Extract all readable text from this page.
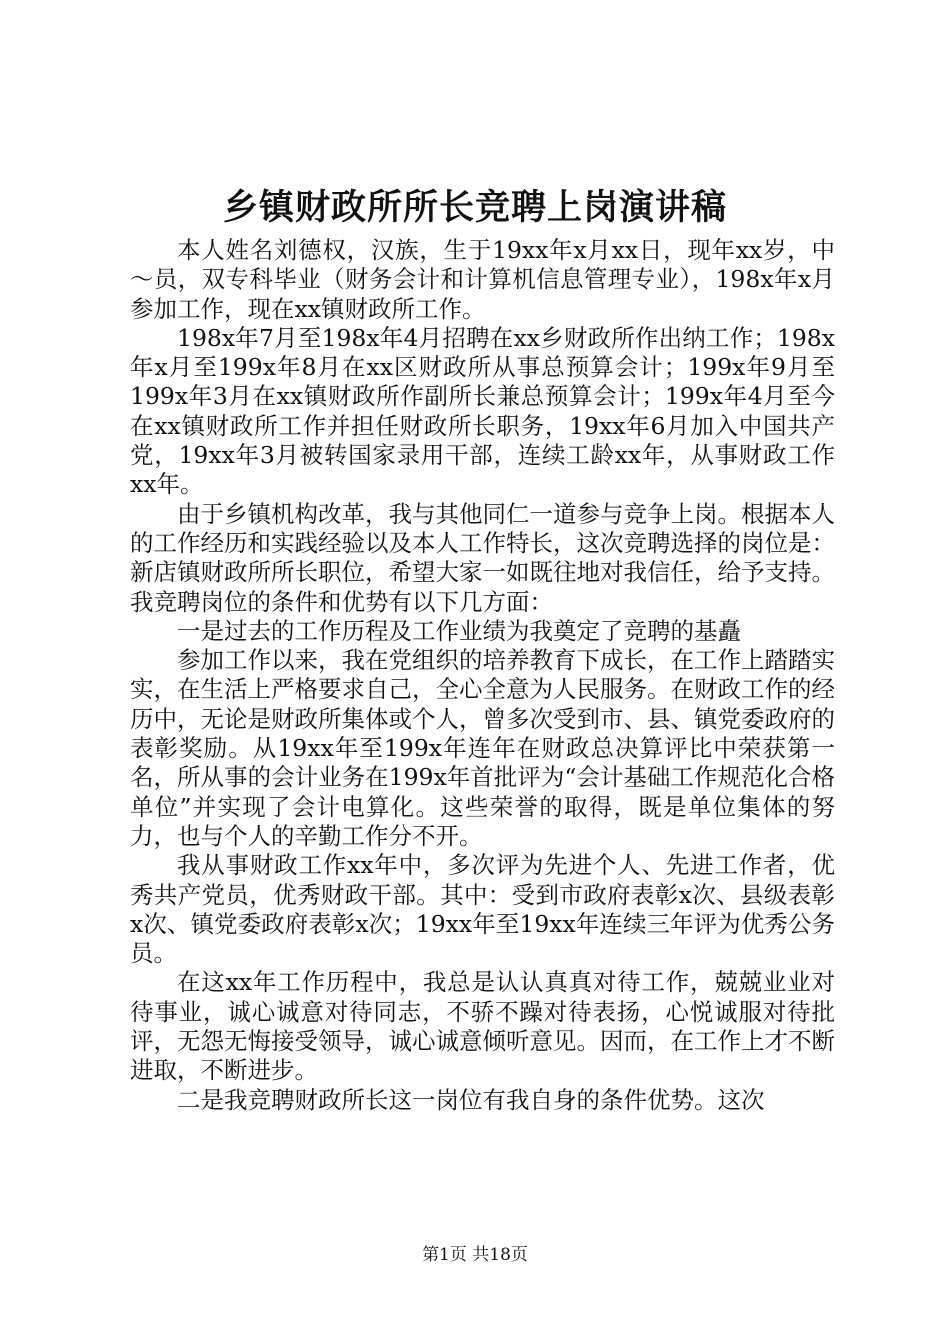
乡镇财政所所长竞聘上岗演讲稿

本人姓名刘德权，汉族，生于19xx年x月xx日，现年xx岁，中～员，双专科毕业（财务会计和计算机信息管理专业），198x年x月参加工作，现在xx镇财政所工作。

198x年7月至198x年4月招聘在xx乡财政所作出纳工作；198x年x月至199x年8月在xx区财政所从事总预算会计；199x年9月至199x年3月在xx镇财政所作副所长兼总预算会计；199x年4月至今在xx镇财政所工作并担任财政所长职务，19xx年6月加入中国共产党，19xx年3月被转国家录用干部，连续工龄xx年，从事财政工作xx年。

由于乡镇机构改革，我与其他同仁一道参与竞争上岗。根据本人的工作经历和实践经验以及本人工作特长，这次竞聘选择的岗位是：新店镇财政所所长职位，希望大家一如既往地对我信任，给予支持。我竞聘岗位的条件和优势有以下几方面：

一是过去的工作历程及工作业绩为我奠定了竞聘的基矗

参加工作以来，我在党组织的培养教育下成长，在工作上踏踏实实，在生活上严格要求自己，全心全意为人民服务。在财政工作的经历中，无论是财政所集体或个人，曾多次受到市、县、镇党委政府的表彰奖励。从19xx年至199x年连年在财政总决算评比中荣获第一名，所从事的会计业务在199x年首批评为“会计基础工作规范化合格单位”并实现了会计电算化。这些荣誉的取得，既是单位集体的努力，也与个人的辛勤工作分不开。

我从事财政工作xx年中，多次评为先进个人、先进工作者，优秀共产党员，优秀财政干部。其中：受到市政府表彰x次、县级表彰x次、镇党委政府表彰x次；19xx年至19xx年连续三年评为优秀公务员。

在这xx年工作历程中，我总是认认真真对待工作，兢兢业业对待事业，诚心诚意对待同志，不骄不躁对待表扬，心悦诚服对待批评，无怨无悔接受领导，诚心诚意倾听意见。因而，在工作上才不断进取，不断进步。

二是我竞聘财政所长这一岗位有我自身的条件优势。这次

第1页 共18页
